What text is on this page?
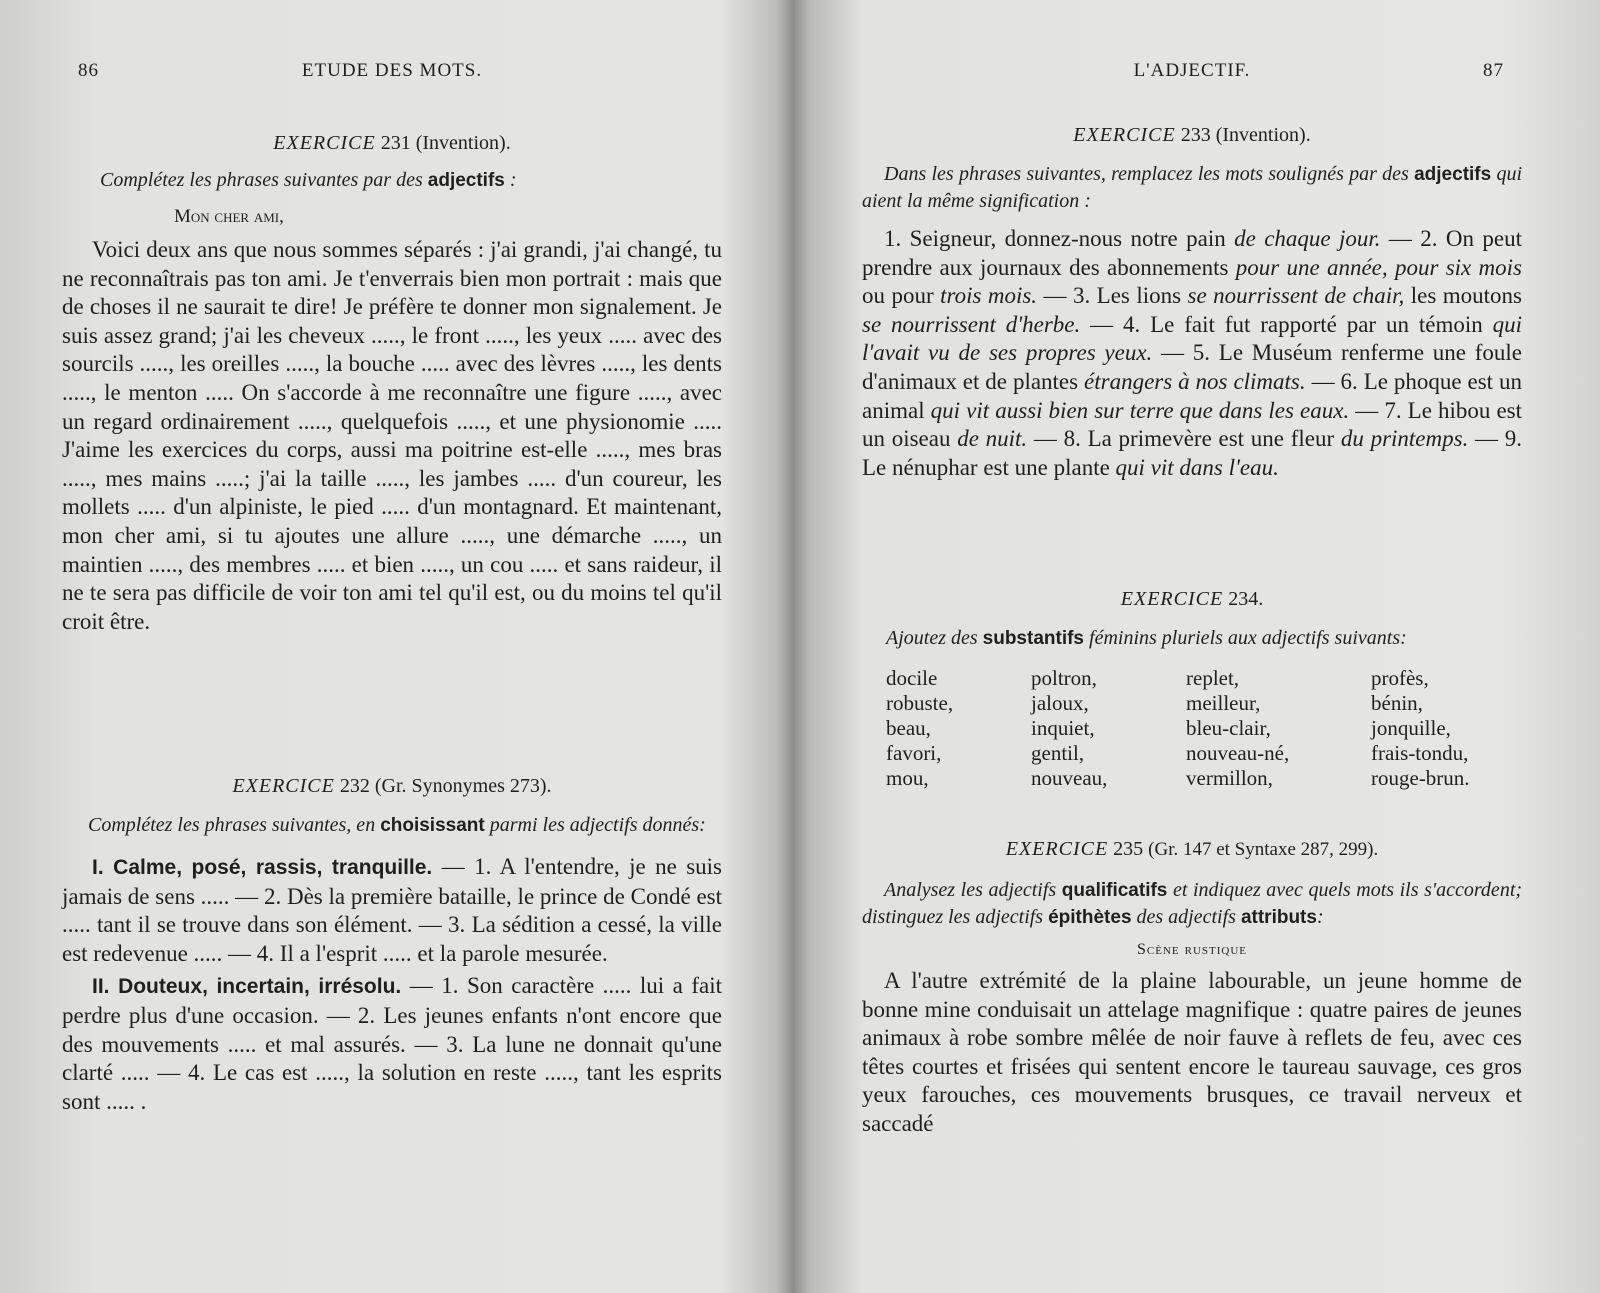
86	ETUDE DES MOTS.
EXERCICE 231 (Invention).
Complétez les phrases suivantes par des adjectifs :
Mon cher ami,

Voici deux ans que nous sommes séparés : j'ai grandi, j'ai changé, tu ne reconnaîtrais pas ton ami. Je t'enverrais bien mon portrait : mais que de choses il ne saurait te dire! Je préfère te donner mon signalement. Je suis assez grand; j'ai les cheveux ....., le front ....., les yeux ..... avec des sourcils ....., les oreilles ....., la bouche ..... avec des lèvres ....., les dents ....., le menton ..... On s'accorde à me reconnaître une figure ....., avec un regard ordinairement ....., quelquefois ....., et une physionomie ..... J'aime les exercices du corps, aussi ma poitrine est-elle ....., mes bras ....., mes mains .....; j'ai la taille ....., les jambes ..... d'un coureur, les mollets ..... d'un alpiniste, le pied ..... d'un montagnard. Et maintenant, mon cher ami, si tu ajoutes une allure ....., une démarche ....., un maintien ....., des membres ..... et bien ....., un cou ..... et sans raideur, il ne te sera pas difficile de voir ton ami tel qu'il est, ou du moins tel qu'il croit être.

EXERCICE 232 (Gr. Synonymes 273).
Complétez les phrases suivantes, en choisissant parmi les adjectifs donnés:

I. Calme, posé, rassis, tranquille. — 1. A l'entendre, je ne suis jamais de sens ..... — 2. Dès la première bataille, le prince de Condé est ..... tant il se trouve dans son élément. — 3. La sédition a cessé, la ville est redevenue ..... — 4. Il a l'esprit ..... et la parole mesurée.

II. Douteux, incertain, irrésolu. — 1. Son caractère ..... lui a fait perdre plus d'une occasion. — 2. Les jeunes enfants n'ont encore que des mouvements ..... et mal assurés. — 3. La lune ne donnait qu'une clarté ..... — 4. Le cas est ....., la solution en reste ....., tant les esprits sont ..... .

L'ADJECTIF.	87
EXERCICE 233 (Invention).
Dans les phrases suivantes, remplacez les mots soulignés par des adjectifs qui aient la même signification :

1. Seigneur, donnez-nous notre pain de chaque jour. — 2. On peut prendre aux journaux des abonnements pour une année, pour six mois ou pour trois mois. — 3. Les lions se nourrissent de chair, les moutons se nourrissent d'herbe. — 4. Le fait fut rapporté par un témoin qui l'avait vu de ses propres yeux. — 5. Le Muséum renferme une foule d'animaux et de plantes étrangers à nos climats. — 6. Le phoque est un animal qui vit aussi bien sur terre que dans les eaux. — 7. Le hibou est un oiseau de nuit. — 8. La primevère est une fleur du printemps. — 9. Le nénuphar est une plante qui vit dans l'eau.

EXERCICE 234.
Ajoutez des substantifs féminins pluriels aux adjectifs suivants:
docile	poltron,	replet,	profès,
robuste,	jaloux,	meilleur,	bénin,
beau,	inquiet,	bleu-clair,	jonquille,
favori,	gentil,	nouveau-né,	frais-tondu,
mou,	nouveau,	vermillon,	rouge-brun.
EXERCICE 235 (Gr. 147 et Syntaxe 287, 299).
Analysez les adjectifs qualificatifs et indiquez avec quels mots ils s'accordent; distinguez les adjectifs épithètes des adjectifs attributs:
Scène rustique

A l'autre extrémité de la plaine labourable, un jeune homme de bonne mine conduisait un attelage magnifique : quatre paires de jeunes animaux à robe sombre mêlée de noir fauve à reflets de feu, avec ces têtes courtes et frisées qui sentent encore le taureau sauvage, ces gros yeux farouches, ces mouvements brusques, ce travail nerveux et saccadé
